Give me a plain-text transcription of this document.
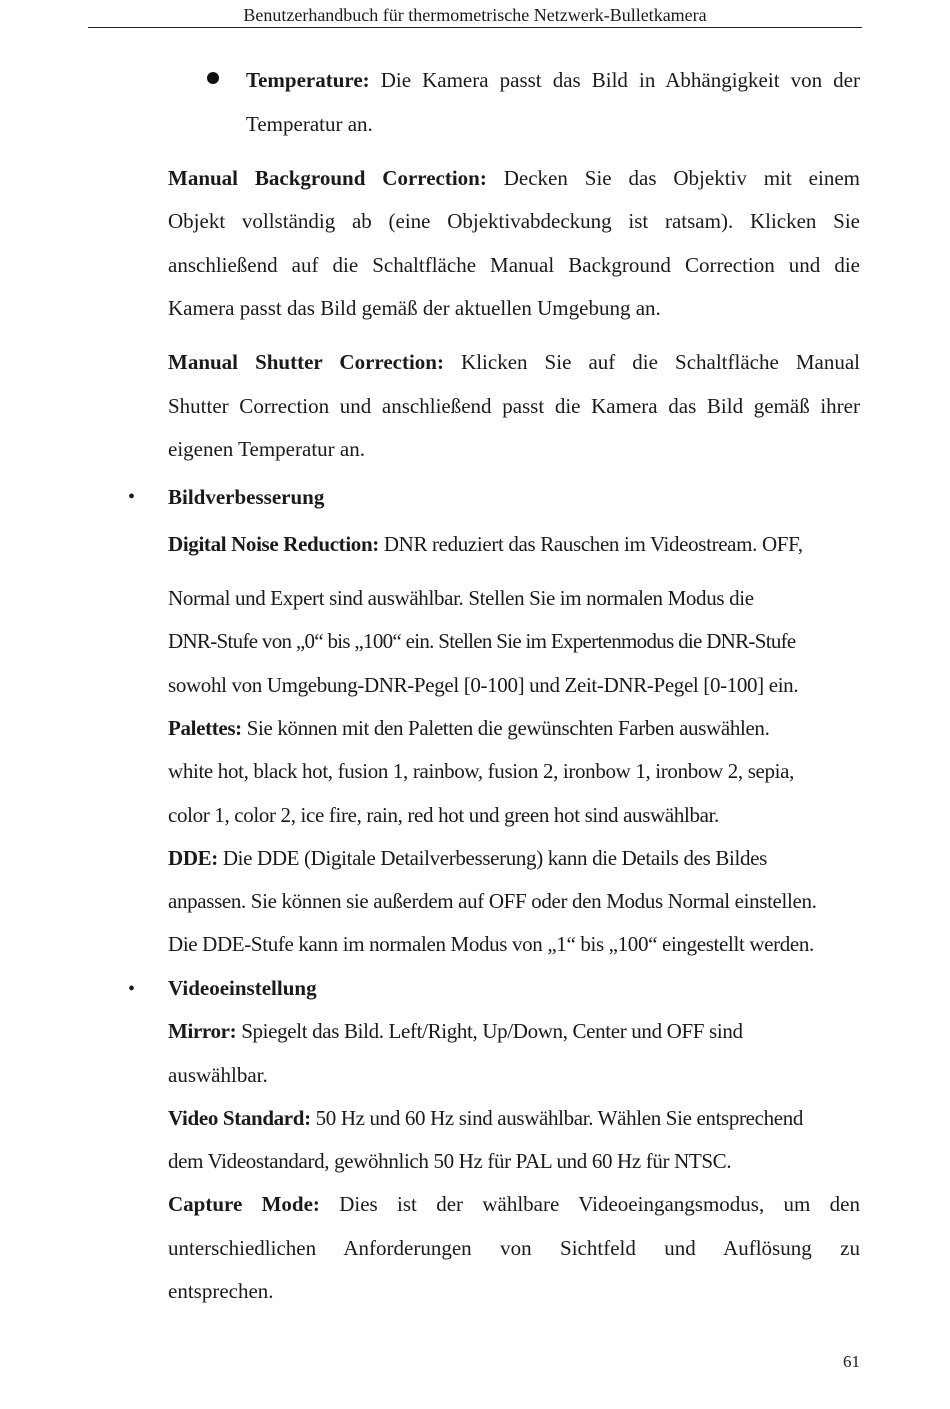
Benutzerhandbuch für thermometrische Netzwerk-Bulletkamera
Temperature: Die Kamera passt das Bild in Abhängigkeit von der
Temperatur an.
Manual Background Correction: Decken Sie das Objektiv mit einem
Objekt vollständig ab (eine Objektivabdeckung ist ratsam). Klicken Sie
anschließend auf die Schaltfläche Manual Background Correction und die
Kamera passt das Bild gemäß der aktuellen Umgebung an.
Manual Shutter Correction: Klicken Sie auf die Schaltfläche Manual
Shutter Correction und anschließend passt die Kamera das Bild gemäß ihrer
eigenen Temperatur an.
• Bildverbesserung
Digital Noise Reduction: DNR reduziert das Rauschen im Videostream. OFF,
Normal und Expert sind auswählbar. Stellen Sie im normalen Modus die
DNR-Stufe von „0“ bis „100“ ein. Stellen Sie im Expertenmodus die DNR-Stufe
sowohl von Umgebung-DNR-Pegel [0-100] und Zeit-DNR-Pegel [0-100] ein.
Palettes: Sie können mit den Paletten die gewünschten Farben auswählen.
white hot, black hot, fusion 1, rainbow, fusion 2, ironbow 1, ironbow 2, sepia,
color 1, color 2, ice fire, rain, red hot und green hot sind auswählbar.
DDE: Die DDE (Digitale Detailverbesserung) kann die Details des Bildes
anpassen. Sie können sie außerdem auf OFF oder den Modus Normal einstellen.
Die DDE-Stufe kann im normalen Modus von „1“ bis „100“ eingestellt werden.
• Videoeinstellung
Mirror: Spiegelt das Bild. Left/Right, Up/Down, Center und OFF sind
auswählbar.
Video Standard: 50 Hz und 60 Hz sind auswählbar. Wählen Sie entsprechend
dem Videostandard, gewöhnlich 50 Hz für PAL und 60 Hz für NTSC.
Capture Mode: Dies ist der wählbare Videoeingangsmodus, um den
unterschiedlichen Anforderungen von Sichtfeld und Auflösung zu
entsprechen.
61
